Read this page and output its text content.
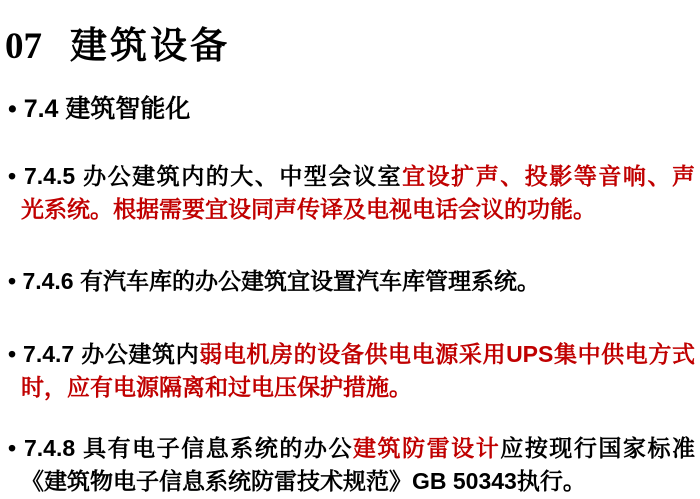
07 建筑设备
• 7.4 建筑智能化
• 7.4.5 办公建筑内的大、中型会议室宜设扩声、投影等音响、声
光系统。根据需要宜设同声传译及电视电话会议的功能。
• 7.4.6 有汽车库的办公建筑宜设置汽车库管理系统。
• 7.4.7 办公建筑内弱电机房的设备供电电源采用UPS集中供电方式
时，应有电源隔离和过电压保护措施。
• 7.4.8 具有电子信息系统的办公建筑防雷设计应按现行国家标准
《建筑物电子信息系统防雷技术规范》GB 50343执行。
